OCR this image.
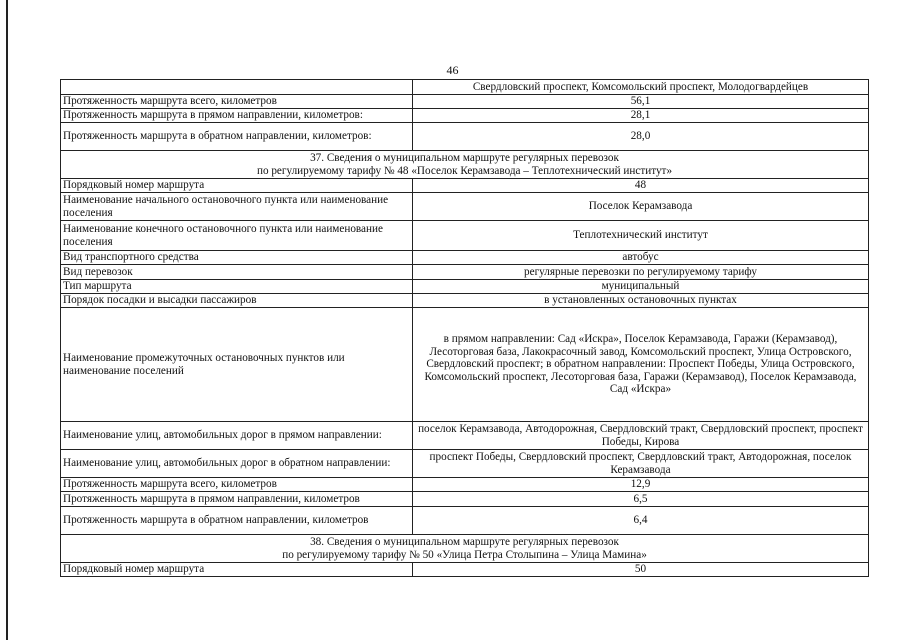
46
	Свердловский проспект, Комсомольский проспект, Молодогвардейцев
Протяженность маршрута всего, километров	56,1
Протяженность маршрута в прямом направлении, километров:	28,1
Протяженность маршрута в обратном направлении, километров:	28,0

37. Сведения о муниципальном маршруте регулярных перевозок
по регулируемому тарифу № 48 «Поселок Керамзавода – Теплотехнический институт»	

Порядковый номер маршрута	48
Наименование начального остановочного пункта или наименование поселения	Поселок Керамзавода
Наименование конечного остановочного пункта или наименование поселения	Теплотехнический институт
Вид транспортного средства	автобус
Вид перевозок	регулярные перевозки по регулируемому тарифу
Тип маршрута	муниципальный
Порядок посадки и высадки пассажиров	в установленных остановочных пунктах
Наименование промежуточных остановочных пунктов или наименование поселений	в прямом направлении: Сад «Искра», Поселок Керамзавода, Гаражи (Керамзавод), Лесоторговая база, Лакокрасочный завод, Комсомольский проспект, Улица Островского, Свердловский проспект; в обратном направлении: Проспект Победы, Улица Островского, Комсомольский проспект, Лесоторговая база, Гаражи (Керамзавод), Поселок Керамзавода, Сад «Искра»
Наименование улиц, автомобильных дорог в прямом направлении:	поселок Керамзавода, Автодорожная, Свердловский тракт, Свердловский проспект, проспект Победы, Кирова
Наименование улиц, автомобильных дорог в обратном направлении:	проспект Победы, Свердловский проспект, Свердловский тракт, Автодорожная, поселок Керамзавода
Протяженность маршрута всего, километров	12,9
Протяженность маршрута в прямом направлении, километров	6,5
Протяженность маршрута в обратном направлении, километров	6,4

38. Сведения о муниципальном маршруте регулярных перевозок
по регулируемому тарифу № 50 «Улица Петра Столыпина – Улица Мамина»	

Порядковый номер маршрута	50
